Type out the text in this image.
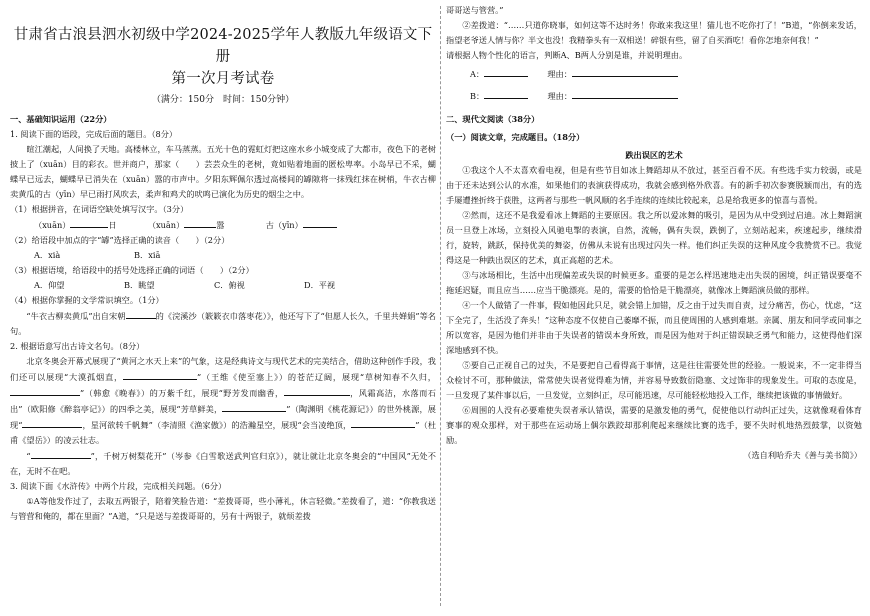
甘肃省古浪县泗水初级中学2024-2025学年人教版九年级语文下册
第一次月考试卷
（满分：150分　时间：150分钟）
一、基础知识运用（22分）
1. 阅读下面的语段，完成后面的题目。（8分）
暄江潮起，人间换了天地。高楼林立，车马蒸蒸。五光十色的霓虹灯把这座水乡小城变成了大都市，夜色下的老树披上了（xuān）目的彩衣。世并商户，那家（　　）芸芸众生的老树，竟如贴着地面的匿松卑率。小岛早已不采，蝴蝶早已远去，蝴蝶早已消失在（xuān）嚣的市声中。夕阳东辉佩尔透过高楼间的罅隙将一抹残红抹在树梢，牛衣古柳卖黄瓜的古（yīn）早已雨打风吹去，柔声和鸡犬的吠鸣已演化为历史的烟尘之中。
（1）根据拼音，在词语空缺处填写汉字。（3分）
（xuān）	日	（xuān）	嚣	古（yīn）
（2）给语段中加点的字“罅”选择正确的读音（　　）（2分）
A．xià	B．xiā
（3）根据语境，给语段中的括号处选择正确的词语（　　）（2分）
A．仰望	B．眺望	C．俯视	D．平视
（4）根据你掌握的文学常识填空。（1分）
“牛衣古柳卖黄瓜”出自宋朝	的《浣溪沙（簌簌衣巾落枣花）》，他还写下了“但愿人长久，千里共婵娟”等名句。
2. 根据语意写出古诗文名句。（8分）
北京冬奥会开幕式展现了“黄河之水天上来”的气象，这是经典诗文与现代艺术的完美结合，借助这种创作手段，我们还可以展现“大漠孤烟直，	”（王维《使至塞上》）的苍茫辽阔，展现“草树知春不久归，”（韩愈《晚春》）的万紫千红，展现“野芳发而幽香，	，风霜高洁，水落而石出”（欧阳修《醉翁亭记》）的四季之美，展现“芳草鲜美，	”（陶渊明《桃花源记》）的世外桃源，展现“	，星河欲转千帆舞”（李清照《渔家傲》）的浩瀚星空，展现“会当凌绝顶，	”（杜甫《望岳》）的凌云壮志。
“	”，千树万树梨花开”（岑参《白雪歌送武判官归京》），就让就让北京冬奥会的“中国风”无处不在，无时不在吧。
3. 阅读下面《水浒传》中两个片段，完成相关问题。（6分）
①A等他发作过了，去取五两银子，陪着笑脸告道：“差拨哥哥，些小薄礼，休言轻微。”差拨看了，道：“你教我送与管营和俺的，都在里面？”A道，“只是送与差拨哥哥的，另有十两银子，就烦差拨
哥哥送与管营。”
②差拨道：“……只道你晓事，如何这等不达时务！你敢来我这里！猫儿也不吃你打了！”B道，“你倒来发话，指望老爷送人情与你？半文也没！我精拳头有一双相送！碎银有些，留了自买酒吃！看你怎地奈何我！”
请根据人物个性化的语言，判断A、B两人分别是谁，并说明理由。
A：	理由：
B：	理由：
二、现代文阅读（38分）
（一）阅读文章，完成题目。（18分）
跌出误区的艺术
①我这个人不太喜欢看电视，但是有些节目如冰上舞蹈却从不放过，甚至百看不厌。有些选手实力较弱，或是由于还未达到公认的水准，如果他们的表演获得成功，我就会感到格外欣喜。有的新手初次参赛脱颖而出，有的选手屡遭挫折终于获胜，这两者与那些一帆风顺的名手连续的连续比较起来，总是给我更多的惊喜与喜悦。
②然而，这还不是我爱看冰上舞蹈的主要原因。我之所以爱冰舞的吸引，是因为从中受到过启迪。冰上舞蹈演员一旦登上冰场，立刻投入风驰电掣的表演，自然，流畅，偶有失误，跌倒了，立刻站起来，疾速起步，继续滑行，旋转，跳跃，保持优美的舞姿，仿佛从未说有出现过闪失一样。他们纠正失误的这种风度令我赞赏不已。我觉得这是一种跌出误区的艺术，真正高超的艺术。
③与冰场相比，生活中出现偏差或失误的时候更多。重要的是怎么样迅速地走出失误的困境，纠正错误要毫不拖延迟疑，而且应当……应当干脆漂亮。是的，需要的恰恰是干脆漂亮，就像冰上舞蹈演员做的那样。
④一个人做错了一件事，假如他因此只足，就会错上加错，反之由于过失而自责，过分痛苦，伤心，忧虑，“这下全完了，生活没了奔头！”这种态度不仅使自己萎靡不振，而且使周围的人感到难堪。亲属、朋友和同学或同事之所以宽容，是因为他们并非由于失误者的错误本身所致，而是因为他对于纠正错误缺乏勇气和能力，这使得他们深深地感到不快。
⑤要自己正视自己的过失，不是要把自己看得高于事情，这是往往需要处世的经验。一般说来，不一定非得当众检讨不可，那种做法，常常使失误者觉得难为情，并容易导致数衍隐塞、文过饰非的现象发生。可取的态度是，一旦发现了某件事以后，一旦发觉，立刻纠正，尽可能迅速，尽可能轻松地投入工作，继续把该做的事情做好。
⑥周围的人没有必要难使失误者承认错误，需要的是激发他的勇气，促使他以行动纠正过失，这就像观看体育赛事的观众那样，对于那些在运动场上偶尔跌跤却那利爬起来继续比赛的选手，要不失时机地热烈鼓掌，以资勉励。
（选自利哈乔夫《善与美书简》）
